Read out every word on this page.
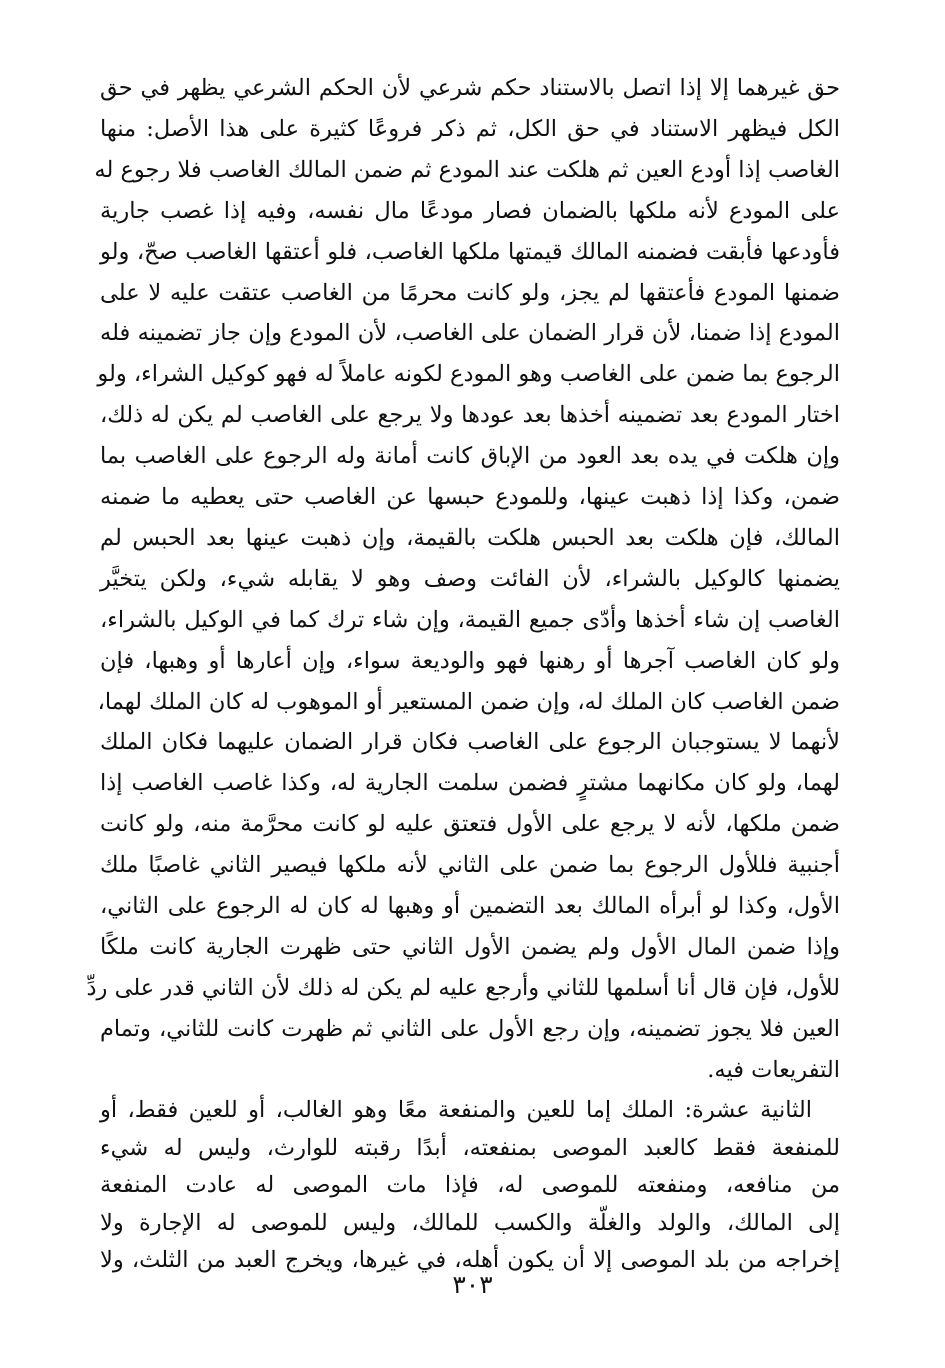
حق غيرهما إلا إذا اتصل بالاستناد حكم شرعي لأن الحكم الشرعي يظهر في حق
الكل فيظهر الاستناد في حق الكل، ثم ذكر فروعًا كثيرة على هذا الأصل: منها
الغاصب إذا أودع العين ثم هلكت عند المودع ثم ضمن المالك الغاصب فلا رجوع له
على المودع لأنه ملكها بالضمان فصار مودعًا مال نفسه، وفيه إذا غصب جارية
فأودعها فأبقت فضمنه المالك قيمتها ملكها الغاصب، فلو أعتقها الغاصب صحّ، ولو
ضمنها المودع فأعتقها لم يجز، ولو كانت محرمًا من الغاصب عتقت عليه لا على
المودع إذا ضمنا، لأن قرار الضمان على الغاصب، لأن المودع وإن جاز تضمينه فله
الرجوع بما ضمن على الغاصب وهو المودع لكونه عاملاً له فهو كوكيل الشراء، ولو
اختار المودع بعد تضمينه أخذها بعد عودها ولا يرجع على الغاصب لم يكن له ذلك،
وإن هلكت في يده بعد العود من الإباق كانت أمانة وله الرجوع على الغاصب بما
ضمن، وكذا إذا ذهبت عينها، وللمودع حبسها عن الغاصب حتى يعطيه ما ضمنه
المالك، فإن هلكت بعد الحبس هلكت بالقيمة، وإن ذهبت عينها بعد الحبس لم
يضمنها كالوكيل بالشراء، لأن الفائت وصف وهو لا يقابله شيء، ولكن يتخيَّر
الغاصب إن شاء أخذها وأدّى جميع القيمة، وإن شاء ترك كما في الوكيل بالشراء،
ولو كان الغاصب آجرها أو رهنها فهو والوديعة سواء، وإن أعارها أو وهبها، فإن
ضمن الغاصب كان الملك له، وإن ضمن المستعير أو الموهوب له كان الملك لهما،
لأنهما لا يستوجبان الرجوع على الغاصب فكان قرار الضمان عليهما فكان الملك
لهما، ولو كان مكانهما مشترٍ فضمن سلمت الجارية له، وكذا غاصب الغاصب إذا
ضمن ملكها، لأنه لا يرجع على الأول فتعتق عليه لو كانت محرَّمة منه، ولو كانت
أجنبية فللأول الرجوع بما ضمن على الثاني لأنه ملكها فيصير الثاني غاصبًا ملك
الأول، وكذا لو أبرأه المالك بعد التضمين أو وهبها له كان له الرجوع على الثاني،
وإذا ضمن المال الأول ولم يضمن الأول الثاني حتى ظهرت الجارية كانت ملكًا
للأول، فإن قال أنا أسلمها للثاني وأرجع عليه لم يكن له ذلك لأن الثاني قدر على ردِّ
العين فلا يجوز تضمينه، وإن رجع الأول على الثاني ثم ظهرت كانت للثاني، وتمام
التفريعات فيه.
الثانية عشرة: الملك إما للعين والمنفعة معًا وهو الغالب، أو للعين فقط، أو
للمنفعة فقط كالعبد الموصى بمنفعته، أبدًا رقبته للوارث، وليس له شيء
من منافعه، ومنفعته للموصى له، فإذا مات الموصى له عادت المنفعة
إلى المالك، والولد والغلّة والكسب للمالك، وليس للموصى له الإجارة ولا
إخراجه من بلد الموصى إلا أن يكون أهله، في غيرها، ويخرج العبد من الثلث، ولا
٣٠٣
